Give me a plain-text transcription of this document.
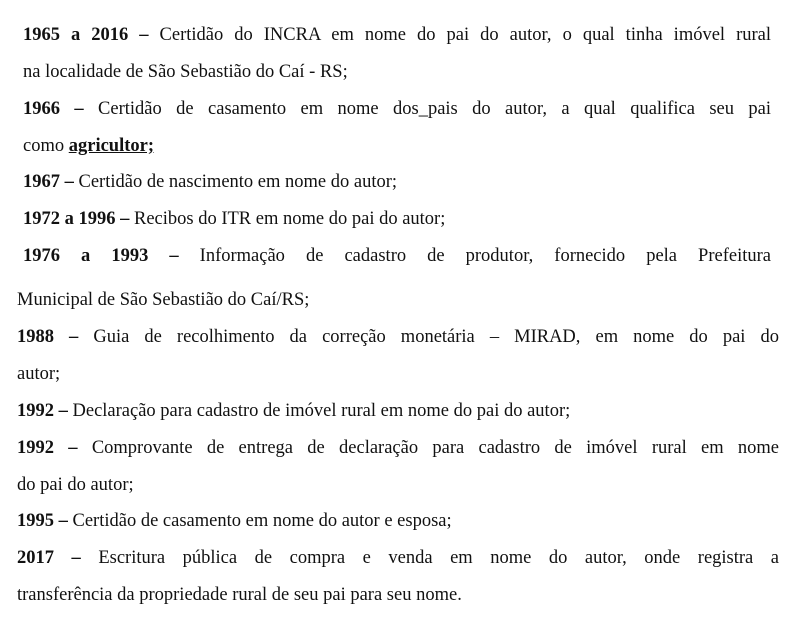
1965 a 2016 – Certidão do INCRA em nome do pai do autor, o qual tinha imóvel rural
na localidade de São Sebastião do Caí - RS;
1966 – Certidão de casamento em nome dos_pais do autor, a qual qualifica seu pai
como agricultor;
1967 – Certidão de nascimento em nome do autor;
1972 a 1996 – Recibos do ITR em nome do pai do autor;
1976 a 1993 – Informação de cadastro de produtor, fornecido pela Prefeitura
Municipal de São Sebastião do Caí/RS;
1988 – Guia de recolhimento da correção monetária – MIRAD, em nome do pai do
autor;
1992 – Declaração para cadastro de imóvel rural em nome do pai do autor;
1992 – Comprovante de entrega de declaração para cadastro de imóvel rural em nome
do pai do autor;
1995 – Certidão de casamento em nome do autor e esposa;
2017 – Escritura pública de compra e venda em nome do autor, onde registra a
transferência da propriedade rural de seu pai para seu nome.
